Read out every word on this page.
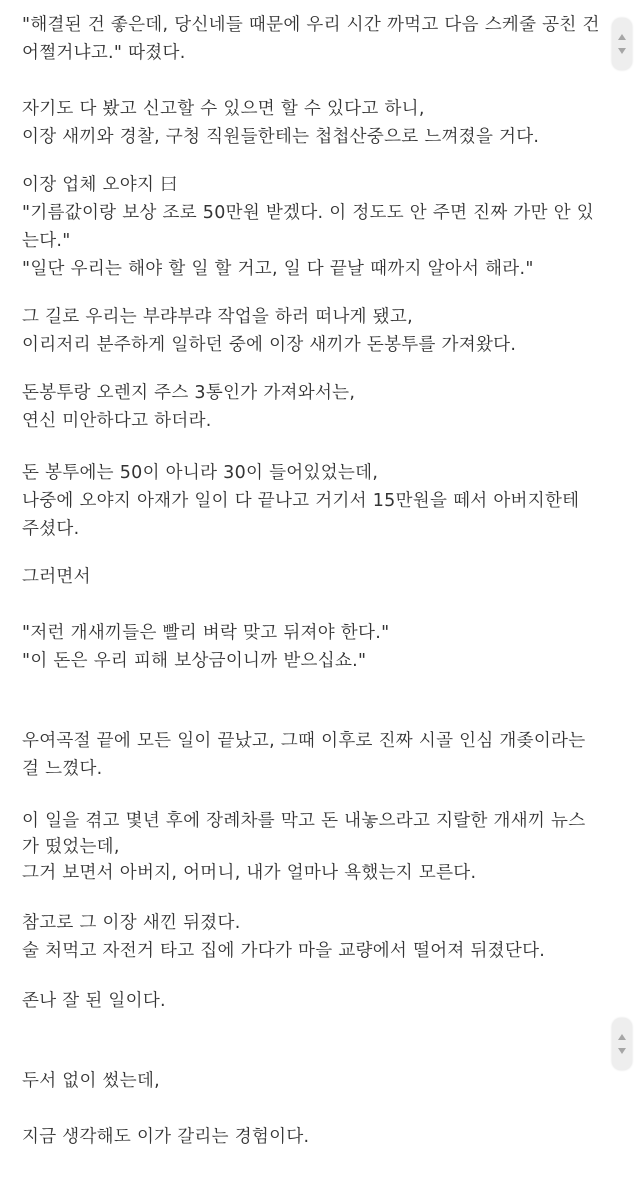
"해결된 건 좋은데, 당신네들 때문에 우리 시간 까먹고 다음 스케줄 공친 건
어쩔거냐고." 따졌다.
자기도 다 봤고 신고할 수 있으면 할 수 있다고 하니,
이장 새끼와 경찰, 구청 직원들한테는 첩첩산중으로 느껴졌을 거다.
이장 업체 오야지 曰
"기름값이랑 보상 조로 50만원 받겠다. 이 정도도 안 주면 진짜 가만 안 있
는다."
"일단 우리는 해야 할 일 할 거고, 일 다 끝날 때까지 알아서 해라."
그 길로 우리는 부랴부랴 작업을 하러 떠나게 됐고,
이리저리 분주하게 일하던 중에 이장 새끼가 돈봉투를 가져왔다.
돈봉투랑 오렌지 주스 3통인가 가져와서는,
연신 미안하다고 하더라.
돈 봉투에는 50이 아니라 30이 들어있었는데,
나중에 오야지 아재가 일이 다 끝나고 거기서 15만원을 떼서 아버지한테
주셨다.
그러면서
"저런 개새끼들은 빨리 벼락 맞고 뒤져야 한다."
"이 돈은 우리 피해 보상금이니까 받으십쇼."
우여곡절 끝에 모든 일이 끝났고, 그때 이후로 진짜 시골 인심 개좆이라는
걸 느꼈다.
이 일을 겪고 몇년 후에 장례차를 막고 돈 내놓으라고 지랄한 개새끼 뉴스
가 떴었는데,
그거 보면서 아버지, 어머니, 내가 얼마나 욕했는지 모른다.
참고로 그 이장 새낀 뒤졌다.
술 처먹고 자전거 타고 집에 가다가 마을 교량에서 떨어져 뒤졌단다.
존나 잘 된 일이다.
두서 없이 썼는데,
지금 생각해도 이가 갈리는 경험이다.
